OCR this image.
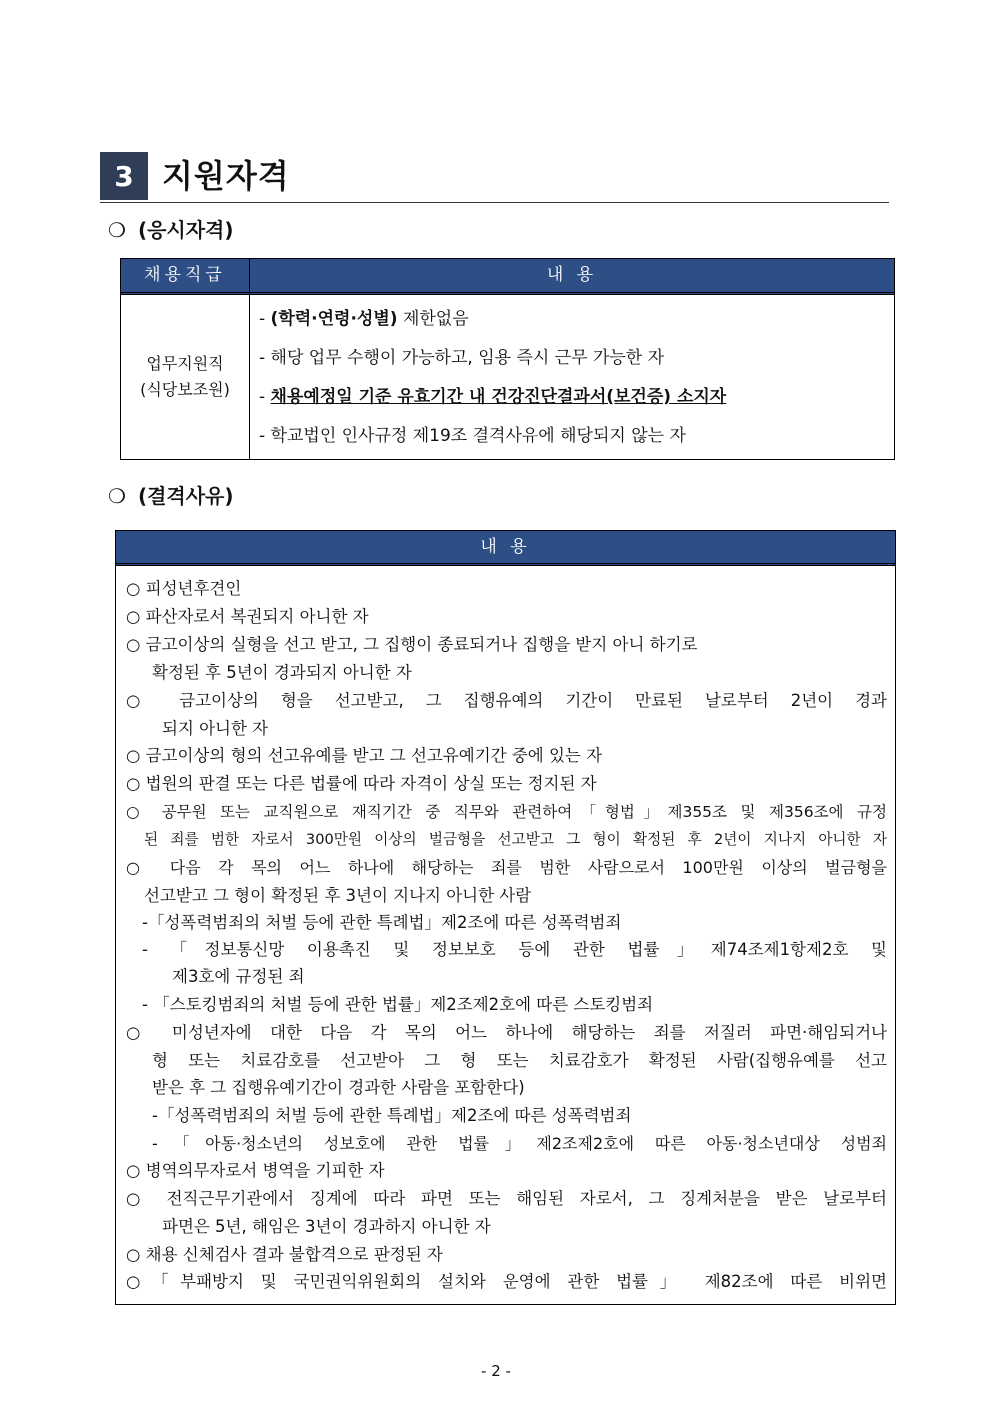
3 지원자격
❍ (응시자격)
채용직급	내 용
업무지원직
(식당보조원)
- (학력·연령·성별) 제한없음
- 해당 업무 수행이 가능하고, 임용 즉시 근무 가능한 자
- 채용예정일 기준 유효기간 내 건강진단결과서(보건증) 소지자
- 학교법인 인사규정 제19조 결격사유에 해당되지 않는 자
❍ (결격사유)
내 용
○ 피성년후견인
○ 파산자로서 복권되지 아니한 자
○ 금고이상의 실형을 선고 받고, 그 집행이 종료되거나 집행을 받지 아니 하기로
확정된 후 5년이 경과되지 아니한 자
○ 금고이상의 형을 선고받고, 그 집행유예의 기간이 만료된 날로부터 2년이 경과
되지 아니한 자
○ 금고이상의 형의 선고유예를 받고 그 선고유예기간 중에 있는 자
○ 법원의 판결 또는 다른 법률에 따라 자격이 상실 또는 정지된 자
○ 공무원 또는 교직원으로 재직기간 중 직무와 관련하여「형법」제355조 및 제356조에 규정
된 죄를 범한 자로서 300만원 이상의 벌금형을 선고받고 그 형이 확정된 후 2년이 지나지 아니한 자
○ 다음 각 목의 어느 하나에 해당하는 죄를 범한 사람으로서 100만원 이상의 벌금형을
선고받고 그 형이 확정된 후 3년이 지나지 아니한 사람
-「성폭력범죄의 처벌 등에 관한 특례법」제2조에 따른 성폭력범죄
- 「정보통신망 이용촉진 및 정보보호 등에 관한 법률」제74조제1항제2호 및
제3호에 규정된 죄
- 「스토킹범죄의 처벌 등에 관한 법률」제2조제2호에 따른 스토킹범죄
○ 미성년자에 대한 다음 각 목의 어느 하나에 해당하는 죄를 저질러 파면·해임되거나
형 또는 치료감호를 선고받아 그 형 또는 치료감호가 확정된 사람(집행유예를 선고
받은 후 그 집행유예기간이 경과한 사람을 포함한다)
-「성폭력범죄의 처벌 등에 관한 특례법」제2조에 따른 성폭력범죄
-「아동·청소년의 성보호에 관한 법률」제2조제2호에 따른 아동·청소년대상 성범죄
○ 병역의무자로서 병역을 기피한 자
○ 전직근무기관에서 징계에 따라 파면 또는 해임된 자로서, 그 징계처분을 받은 날로부터
파면은 5년, 해임은 3년이 경과하지 아니한 자
○ 채용 신체검사 결과 불합격으로 판정된 자
○「부패방지 및 국민권익위원회의 설치와 운영에 관한 법률」 제82조에 따른 비위면
- 2 -
